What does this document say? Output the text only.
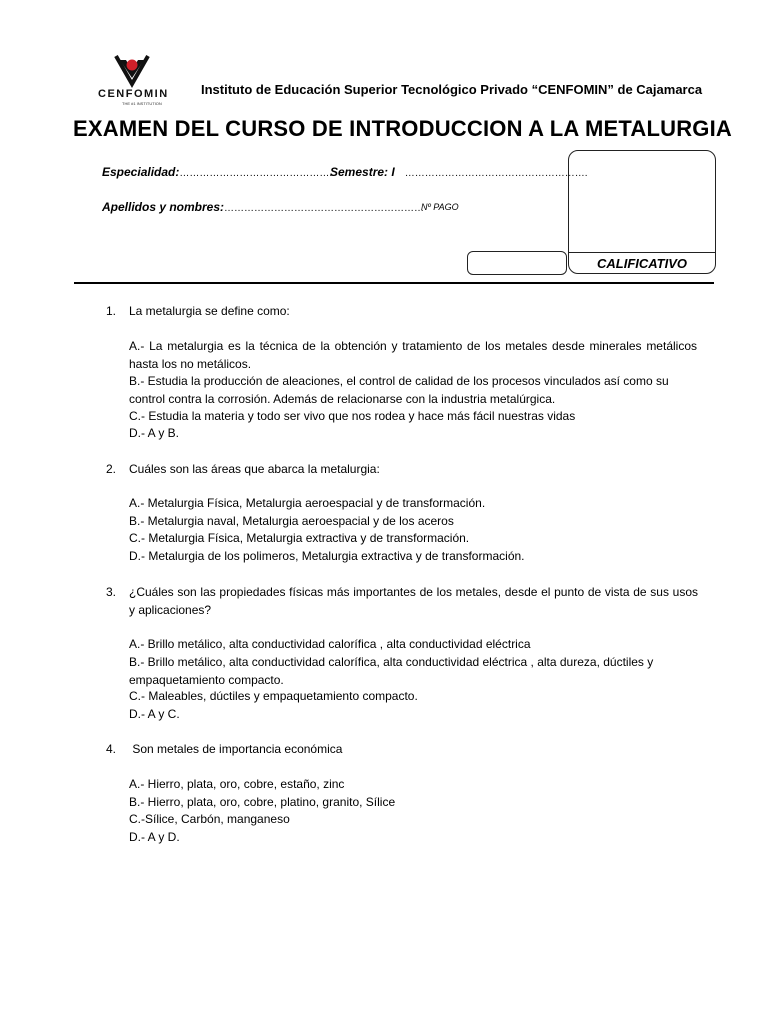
CENFOMIN
THE #1 INSTITUTION
Instituto de Educación Superior Tecnológico Privado “CENFOMIN” de Cajamarca
EXAMEN DEL CURSO DE INTRODUCCION A LA METALURGIA
Especialidad:……………………………………….
Semestre: I ……………………………………………….
Apellidos y nombres:……………………………………………………
Nº PAGO
CALIFICATIVO
1. La metalurgia se define como:
A.- La metalurgia es la técnica de la obtención y tratamiento de los metales desde minerales metálicos hasta los no metálicos.
B.- Estudia la producción de aleaciones, el control de calidad de los procesos vinculados así como su control contra la corrosión. Además de relacionarse con la industria metalúrgica.
C.- Estudia la materia y todo ser vivo que nos rodea y hace más fácil nuestras vidas
D.- A y B.
2. Cuáles son las áreas que abarca la metalurgia:
A.- Metalurgia Física, Metalurgia aeroespacial y de transformación.
B.- Metalurgia naval, Metalurgia aeroespacial y de los aceros
C.- Metalurgia Física, Metalurgia extractiva y de transformación.
D.- Metalurgia de los polimeros, Metalurgia extractiva y de transformación.
3.	¿Cuáles son las propiedades físicas más importantes de los metales, desde el punto de vista de sus usos y aplicaciones?
A.- Brillo metálico, alta conductividad calorífica , alta conductividad eléctrica
B.- Brillo metálico, alta conductividad calorífica, alta conductividad eléctrica , alta dureza, dúctiles y empaquetamiento compacto.
C.- Maleables, dúctiles y empaquetamiento compacto.
D.- A y C.
4. Son metales de importancia económica
A.- Hierro, plata, oro, cobre, estaño, zinc
B.- Hierro, plata, oro, cobre, platino, granito, Sílice
C.-Sílice, Carbón, manganeso
D.- A y D.
